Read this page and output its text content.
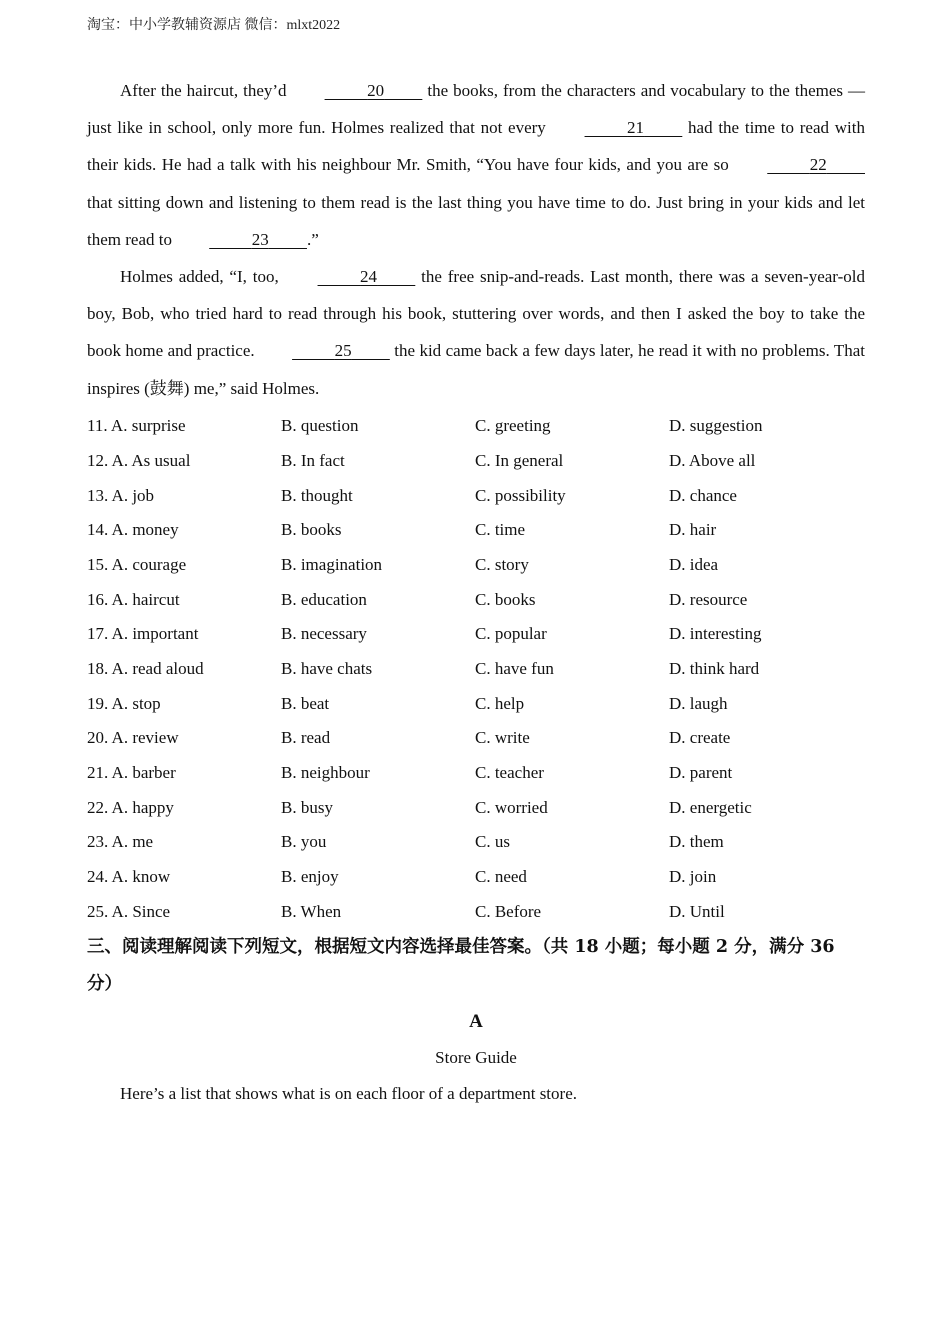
淘宝：中小学教辅资源店 微信：mlxt2022

After the haircut, they’d	20          the books, from the characters and vocabulary to the themes — just like in school, only more fun. Holmes realized that not every	21          had the time to read with their kids. He had a talk with his neighbour Mr. Smith, “You have four kids, and you are so	22          that sitting down and listening to them read is the last thing you have time to do. Just bring in your kids and let them read to	23 .”

Holmes added, “I, too,	24          the free snip-and-reads. Last month, there was a seven-year-old boy, Bob, who tried hard to read through his book, stuttering over words, and then I asked the boy to take the book home and practice.	25          the kid came back a few days later, he read it with no problems. That inspires (鼓舞) me,” said Holmes.

11. A. surprise	B. question	C. greeting	D. suggestion
12. A. As usual	B. In fact	C. In general	D. Above all
13. A. job	B. thought	C. possibility	D. chance
14. A. money	B. books	C. time	D. hair
15. A. courage	B. imagination	C. story	D. idea
16. A. haircut	B. education	C. books	D. resource
17. A. important	B. necessary	C. popular	D. interesting
18. A. read aloud	B. have chats	C. have fun	D. think hard
19. A. stop	B. beat	C. help	D. laugh
20. A. review	B. read	C. write	D. create
21. A. barber	B. neighbour	C. teacher	D. parent
22. A. happy	B. busy	C. worried	D. energetic
23. A. me	B. you	C. us	D. them
24. A. know	B. enjoy	C. need	D. join
25. A. Since	B. When	C. Before	D. Until

三、阅读理解阅读下列短文，根据短文内容选择最佳答案。（共 18 小题；每小题 2 分，满分 36 分）

A

Store Guide

Here’s a list that shows what is on each floor of a department store.
